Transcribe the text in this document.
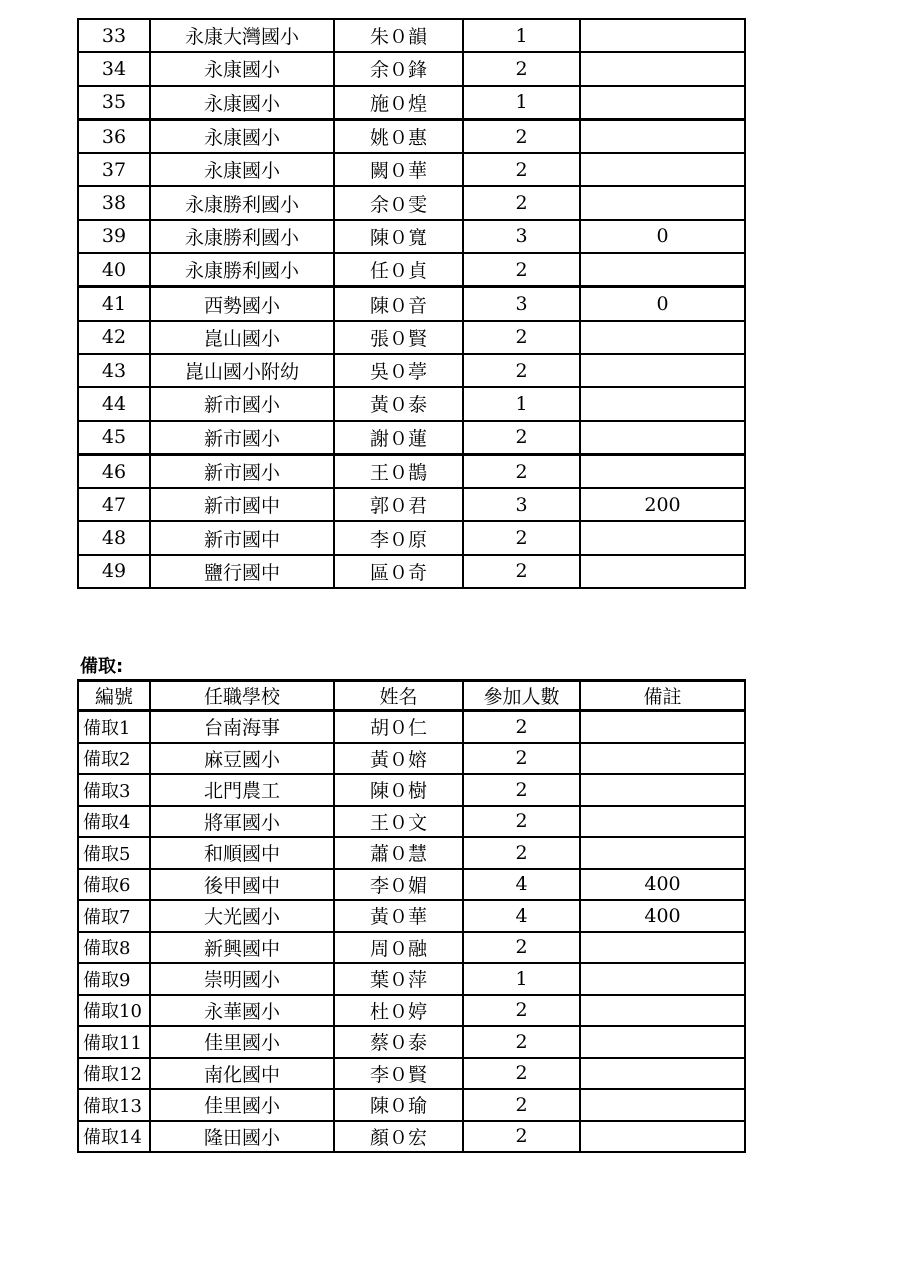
33	永康大灣國小	朱０韻	1	
34	永康國小	余０鋒	2	
35	永康國小	施０煌	1	
36	永康國小	姚０惠	2	
37	永康國小	闕０華	2	
38	永康勝利國小	余０雯	2	
39	永康勝利國小	陳０寬	3	0
40	永康勝利國小	任０貞	2	
41	西勢國小	陳０音	3	0
42	崑山國小	張０賢	2	
43	崑山國小附幼	吳０葶	2	
44	新市國小	黃０泰	1	
45	新市國小	謝０蓮	2	
46	新市國小	王０鵲	2	
47	新市國中	郭０君	3	200
48	新市國中	李０原	2	
49	鹽行國中	區０奇	2	
備取:
編號	任職學校	姓名	參加人數	備註
備取1	台南海事	胡０仁	2	
備取2	麻豆國小	黃０嫆	2	
備取3	北門農工	陳０樹	2	
備取4	將軍國小	王０文	2	
備取5	和順國中	蕭０慧	2	
備取6	後甲國中	李０媚	4	400
備取7	大光國小	黃０華	4	400
備取8	新興國中	周０融	2	
備取9	崇明國小	葉０萍	1	
備取10	永華國小	杜０婷	2	
備取11	佳里國小	蔡０泰	2	
備取12	南化國中	李０賢	2	
備取13	佳里國小	陳０瑜	2	
備取14	隆田國小	顏０宏	2	
